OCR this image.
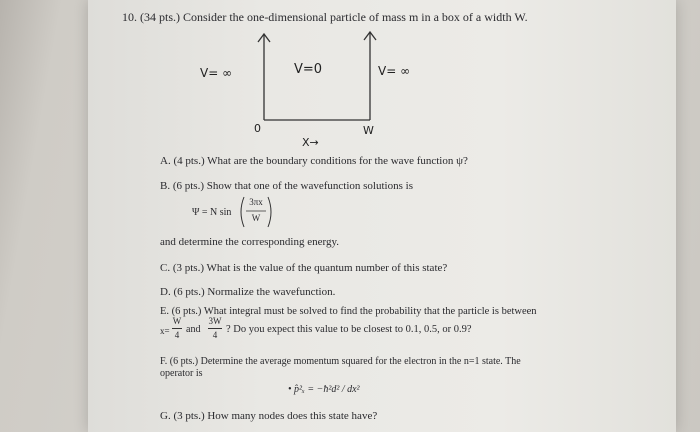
10. (34 pts.) Consider the one-dimensional particle of mass m in a box of a width W.
V= ∞	V=0	V= ∞
0	W
X→
A. (4 pts.) What are the boundary conditions for the wave function ψ?
B. (6 pts.) Show that one of the wavefunction solutions is
Ψ = N sin
3πx
W
and determine the corresponding energy.
C. (3 pts.) What is the value of the quantum number of this state?
D. (6 pts.) Normalize the wavefunction.
E. (6 pts.) What integral must be solved to find the probability that the particle is between
x=
W
4 and
3W
4 ? Do you expect this value to be closest to 0.1, 0.5, or 0.9?
F. (6 pts.) Determine the average momentum squared for the electron in the n=1 state. The
operator is
• p̂²ₓ = −ħ²d² / dx²
G. (3 pts.) How many nodes does this state have?
